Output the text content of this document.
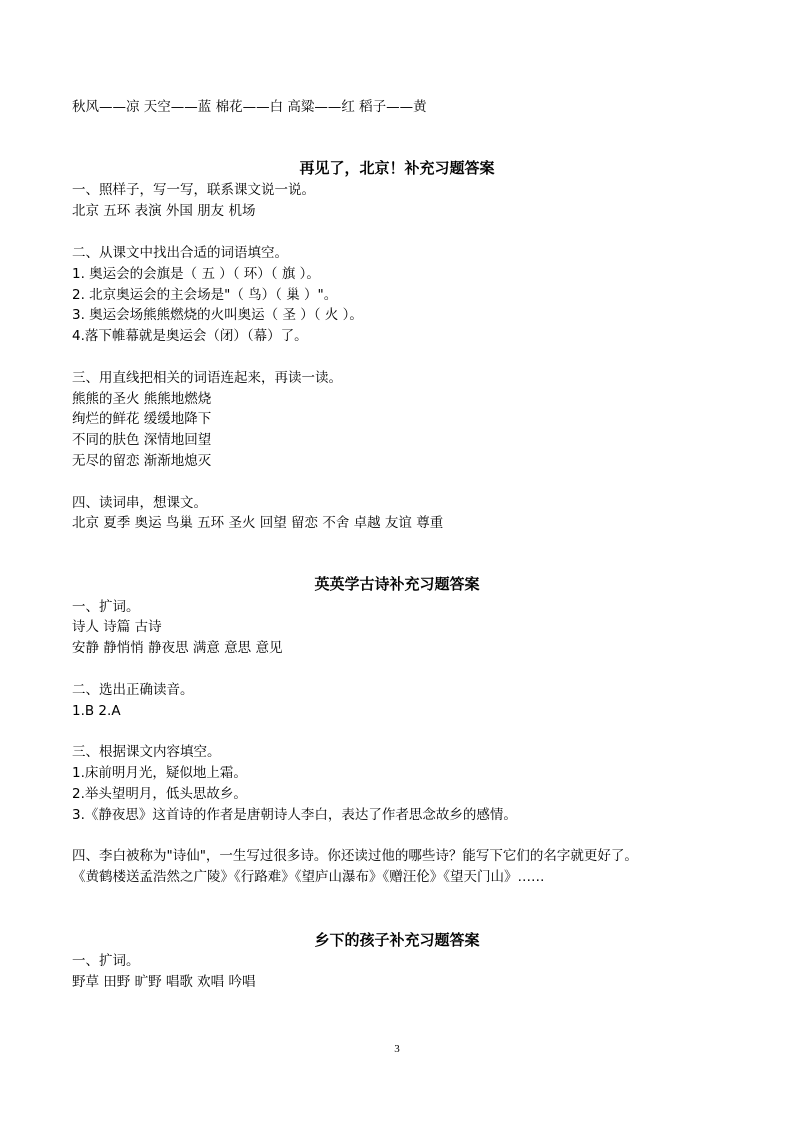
秋风——凉 天空——蓝 棉花——白 高粱——红 稻子——黄
再见了，北京！补充习题答案
一、照样子，写一写，联系课文说一说。
北京 五环 表演 外国 朋友 机场
二、从课文中找出合适的词语填空。
1. 奥运会的会旗是（ 五 ）（ 环）（ 旗 ）。
2. 北京奥运会的主会场是"（ 鸟）（ 巢 ）"。
3. 奥运会场熊熊燃烧的火叫奥运（ 圣 ）（ 火 ）。
4.落下帷幕就是奥运会（闭）（幕）了。
三、用直线把相关的词语连起来，再读一读。
熊熊的圣火 熊熊地燃烧
绚烂的鲜花 缓缓地降下
不同的肤色 深情地回望
无尽的留恋 渐渐地熄灭
四、读词串，想课文。
北京 夏季 奥运 鸟巢 五环 圣火 回望 留恋 不舍 卓越 友谊 尊重
英英学古诗补充习题答案
一、扩词。
诗人 诗篇 古诗
安静 静悄悄 静夜思 满意 意思 意见
二、选出正确读音。
1.B 2.A
三、根据课文内容填空。
1.床前明月光，疑似地上霜。
2.举头望明月，低头思故乡。
3.《静夜思》这首诗的作者是唐朝诗人李白，表达了作者思念故乡的感情。
四、李白被称为"诗仙"，一生写过很多诗。你还读过他的哪些诗？能写下它们的名字就更好了。
《黄鹤楼送孟浩然之广陵》《行路难》《望庐山瀑布》《赠汪伦》《望天门山》……
乡下的孩子补充习题答案
一、扩词。
野草 田野 旷野 唱歌 欢唱 吟唱
3
